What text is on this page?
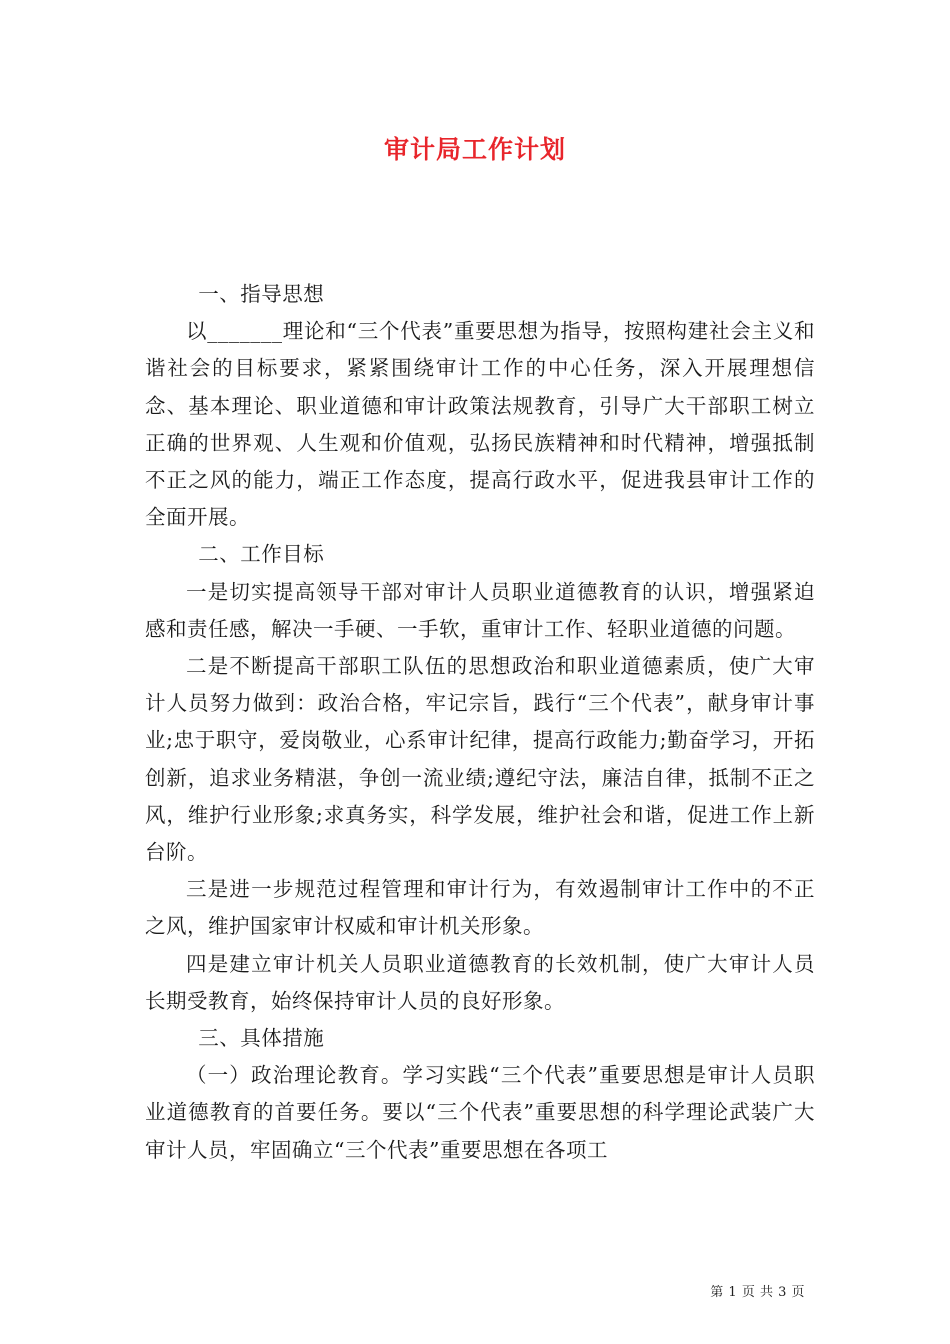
审计局工作计划

一、指导思想

以_______理论和“三个代表”重要思想为指导，按照构建社会主义和谐社会的目标要求，紧紧围绕审计工作的中心任务，深入开展理想信念、基本理论、职业道德和审计政策法规教育，引导广大干部职工树立正确的世界观、人生观和价值观，弘扬民族精神和时代精神，增强抵制不正之风的能力，端正工作态度，提高行政水平，促进我县审计工作的全面开展。

二、工作目标

一是切实提高领导干部对审计人员职业道德教育的认识，增强紧迫感和责任感，解决一手硬、一手软，重审计工作、轻职业道德的问题。

二是不断提高干部职工队伍的思想政治和职业道德素质，使广大审计人员努力做到：政治合格，牢记宗旨，践行“三个代表”，献身审计事业;忠于职守，爱岗敬业，心系审计纪律，提高行政能力;勤奋学习，开拓创新，追求业务精湛，争创一流业绩;遵纪守法，廉洁自律，抵制不正之风，维护行业形象;求真务实，科学发展，维护社会和谐，促进工作上新台阶。

三是进一步规范过程管理和审计行为，有效遏制审计工作中的不正之风，维护国家审计权威和审计机关形象。

四是建立审计机关人员职业道德教育的长效机制，使广大审计人员长期受教育，始终保持审计人员的良好形象。

三、具体措施

（一）政治理论教育。学习实践“三个代表”重要思想是审计人员职业道德教育的首要任务。要以“三个代表”重要思想的科学理论武装广大审计人员，牢固确立“三个代表”重要思想在各项工

第 1 页 共 3 页
